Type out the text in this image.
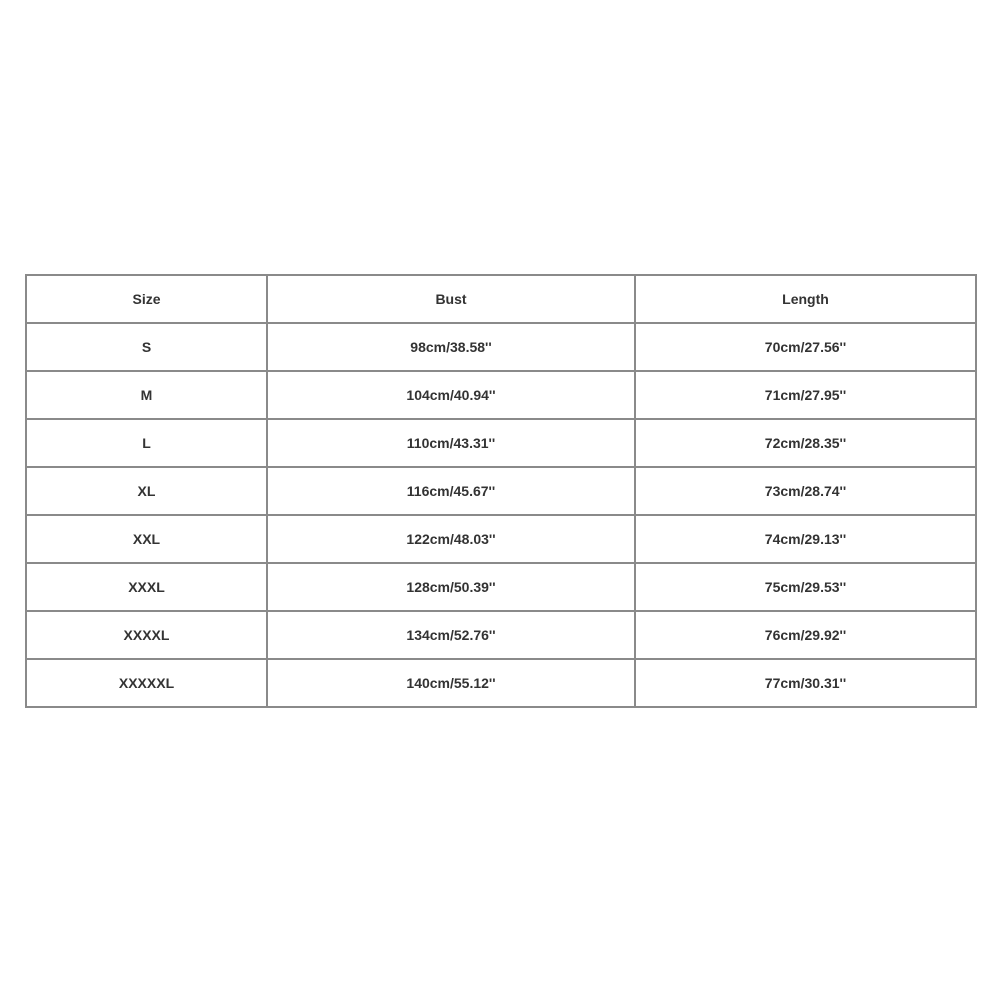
Size	Bust	Length
S	98cm/38.58''	70cm/27.56''
M	104cm/40.94''	71cm/27.95''
L	110cm/43.31''	72cm/28.35''
XL	116cm/45.67''	73cm/28.74''
XXL	122cm/48.03''	74cm/29.13''
XXXL	128cm/50.39''	75cm/29.53''
XXXXL	134cm/52.76''	76cm/29.92''
XXXXXL	140cm/55.12''	77cm/30.31''
